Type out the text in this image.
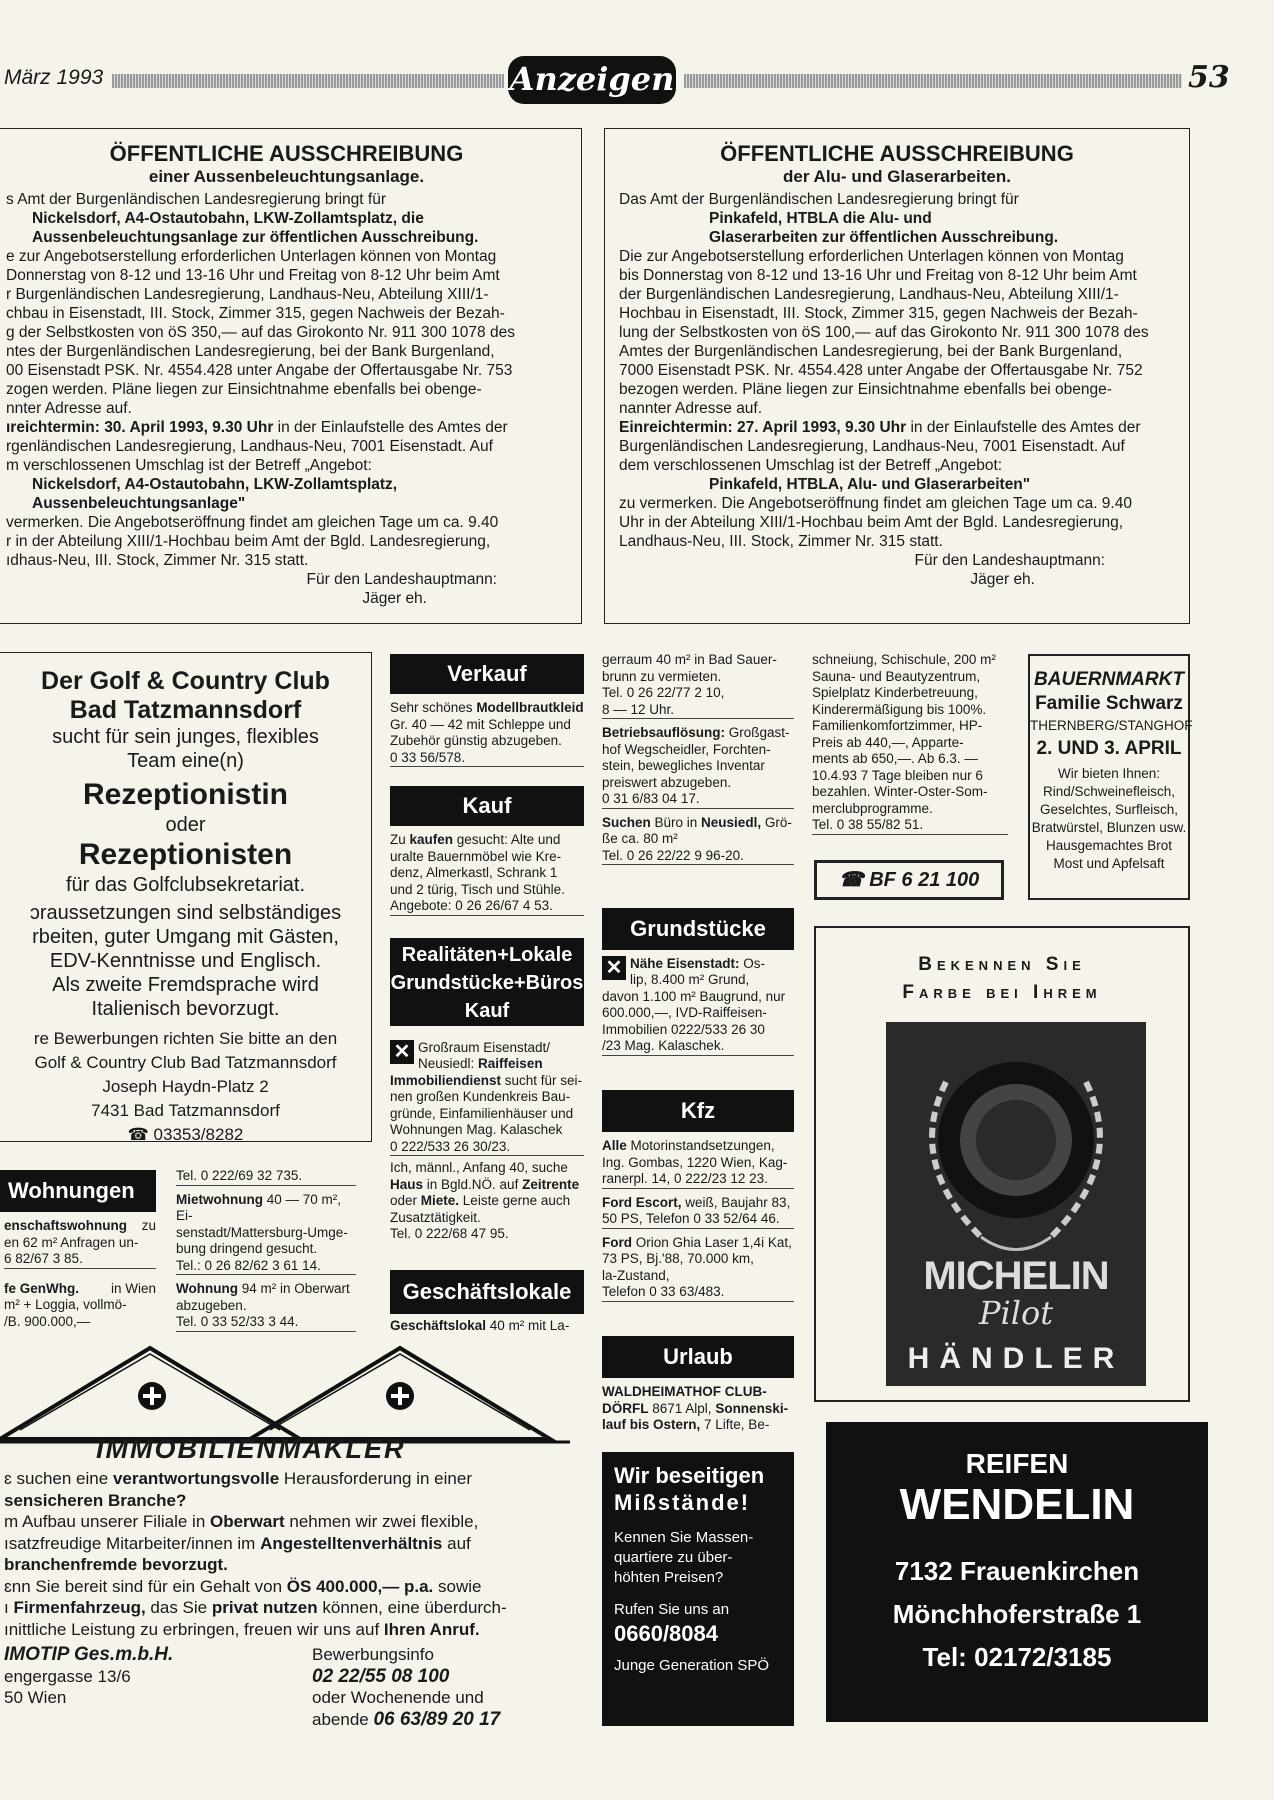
März 1993	Anzeigen	53
ÖFFENTLICHE AUSSCHREIBUNG
einer Aussenbeleuchtungsanlage.

s Amt der Burgenländischen Landesregierung bringt für

Nickelsdorf, A4-Ostautobahn, LKW-Zollamtsplatz, die

Aussenbeleuchtungsanlage zur öffentlichen Ausschreibung.

e zur Angebotserstellung erforderlichen Unterlagen können von Montag

Donnerstag von 8-12 und 13-16 Uhr und Freitag von 8-12 Uhr beim Amt

r Burgenländischen Landesregierung, Landhaus-Neu, Abteilung XIII/1-

chbau in Eisenstadt, III. Stock, Zimmer 315, gegen Nachweis der Bezah-

g der Selbstkosten von öS 350,— auf das Girokonto Nr. 911 300 1078 des

ntes der Burgenländischen Landesregierung, bei der Bank Burgenland,

00 Eisenstadt PSK. Nr. 4554.428 unter Angabe der Offertausgabe Nr. 753

zogen werden. Pläne liegen zur Einsichtnahme ebenfalls bei obenge-

nnter Adresse auf.

ıreichtermin: 30. April 1993, 9.30 Uhr in der Einlaufstelle des Amtes der

rgenländischen Landesregierung, Landhaus-Neu, 7001 Eisenstadt. Auf

m verschlossenen Umschlag ist der Betreff „Angebot:

Nickelsdorf, A4-Ostautobahn, LKW-Zollamtsplatz,

Aussenbeleuchtungsanlage"

vermerken. Die Angebotseröffnung findet am gleichen Tage um ca. 9.40

r in der Abteilung XIII/1-Hochbau beim Amt der Bgld. Landesregierung,

ıdhaus-Neu, III. Stock, Zimmer Nr. 315 statt.

Für den Landeshauptmann:

Jäger eh.

ÖFFENTLICHE AUSSCHREIBUNG
der Alu- und Glaserarbeiten.

Das Amt der Burgenländischen Landesregierung bringt für

Pinkafeld, HTBLA die Alu- und

Glaserarbeiten zur öffentlichen Ausschreibung.

Die zur Angebotserstellung erforderlichen Unterlagen können von Montag

bis Donnerstag von 8-12 und 13-16 Uhr und Freitag von 8-12 Uhr beim Amt

der Burgenländischen Landesregierung, Landhaus-Neu, Abteilung XIII/1-

Hochbau in Eisenstadt, III. Stock, Zimmer 315, gegen Nachweis der Bezah-

lung der Selbstkosten von öS 100,— auf das Girokonto Nr. 911 300 1078 des

Amtes der Burgenländischen Landesregierung, bei der Bank Burgenland,

7000 Eisenstadt PSK. Nr. 4554.428 unter Angabe der Offertausgabe Nr. 752

bezogen werden. Pläne liegen zur Einsichtnahme ebenfalls bei obenge-

nannter Adresse auf.

Einreichtermin: 27. April 1993, 9.30 Uhr in der Einlaufstelle des Amtes der

Burgenländischen Landesregierung, Landhaus-Neu, 7001 Eisenstadt. Auf

dem verschlossenen Umschlag ist der Betreff „Angebot:

Pinkafeld, HTBLA, Alu- und Glaserarbeiten"

zu vermerken. Die Angebotseröffnung findet am gleichen Tage um ca. 9.40

Uhr in der Abteilung XIII/1-Hochbau beim Amt der Bgld. Landesregierung,

Landhaus-Neu, III. Stock, Zimmer Nr. 315 statt.

Für den Landeshauptmann:

Jäger eh.

Der Golf & Country Club
Bad Tatzmannsdorf
sucht für sein junges, flexibles
Team eine(n)
Rezeptionistin
oder
Rezeptionisten
für das Golfclubsekretariat.
ɔraussetzungen sind selbständiges
rbeiten, guter Umgang mit Gästen,
EDV-Kenntnisse und Englisch.
Als zweite Fremdsprache wird
Italienisch bevorzugt.
re Bewerbungen richten Sie bitte an den
Golf & Country Club Bad Tatzmannsdorf
Joseph Haydn-Platz 2
7431 Bad Tatzmannsdorf
☎ 03353/8282
Wohnungen

enschaftswohnung zu

en 62 m² Anfragen un-

6 82/67 3 85.

fe GenWhg. in Wien

m² + Loggia, vollmö-

/B. 900.000,—

Tel. 0 222/69 32 735.

Mietwohnung 40 — 70 m², Ei-

senstadt/Mattersburg-Umge-

bung dringend gesucht.

Tel.: 0 26 82/62 3 61 14.

Wohnung 94 m² in Oberwart

abzugeben.

Tel. 0 33 52/33 3 44.

IMMOBILIENMAKLER
ɛ suchen eine verantwortungsvolle Herausforderung in einer
sensicheren Branche?
m Aufbau unserer Filiale in Oberwart nehmen wir zwei flexible,
ısatzfreudige Mitarbeiter/innen im Angestelltenverhältnis auf
branchenfremde bevorzugt.
ɛnn Sie bereit sind für ein Gehalt von ÖS 400.000,— p.a. sowie
ı Firmenfahrzeug, das Sie privat nutzen können, eine überdurch-
ınittliche Leistung zu erbringen, freuen wir uns auf Ihren Anruf.
IMOTIP Ges.m.b.H.
engergasse 13/6
50 Wien
Bewerbungsinfo
02 22/55 08 100
oder Wochenende und
abende 06 63/89 20 17
Verkauf

Sehr schönes Modellbrautkleid

Gr. 40 — 42 mit Schleppe und

Zubehör günstig abzugeben.

0 33 56/578.

Kauf

Zu kaufen gesucht: Alte und

uralte Bauernmöbel wie Kre-

denz, Almerkastl, Schrank 1

und 2 türig, Tisch und Stühle.

Angebote: 0 26 26/67 4 53.

Realitäten+Lokale
Grundstücke+Büros
Kauf

✕ Großraum Eisenstadt/

Neusiedl: Raiffeisen

Immobiliendienst sucht für sei-

nen großen Kundenkreis Bau-

gründe, Einfamilienhäuser und

Wohnungen Mag. Kalaschek

0 222/533 26 30/23.

Ich, männl., Anfang 40, suche

Haus in Bgld.NÖ. auf Zeitrente

oder Miete. Leiste gerne auch

Zusatztätigkeit.

Tel. 0 222/68 47 95.

Geschäftslokale

Geschäftslokal 40 m² mit La-

gerraum 40 m² in Bad Sauer-

brunn zu vermieten.

Tel. 0 26 22/77 2 10,

8 — 12 Uhr.

Betriebsauflösung: Großgast-

hof Wegscheidler, Forchten-

stein, bewegliches Inventar

preiswert abzugeben.

0 31 6/83 04 17.

Suchen Büro in Neusiedl, Grö-

ße ca. 80 m²

Tel. 0 26 22/22 9 96-20.

Grundstücke

✕ Nähe Eisenstadt: Os-

lip, 8.400 m² Grund,

davon 1.100 m² Baugrund, nur

600.000,—, IVD-Raiffeisen-

Immobilien 0222/533 26 30

/23 Mag. Kalaschek.

Kfz

Alle Motorinstandsetzungen,

Ing. Gombas, 1220 Wien, Kag-

ranerpl. 14, 0 222/23 12 23.

Ford Escort, weiß, Baujahr 83,

50 PS, Telefon 0 33 52/64 46.

Ford Orion Ghia Laser 1,4i Kat,

73 PS, Bj.'88, 70.000 km,

la-Zustand,

Telefon 0 33 63/483.

Urlaub

WALDHEIMATHOF CLUB-

DÖRFL 8671 Alpl, Sonnenski-

lauf bis Ostern, 7 Lifte, Be-

Wir beseitigen
Mißstände!
Kennen Sie Massen-
quartiere zu über-
höhten Preisen?
Rufen Sie uns an
0660/8084
Junge Generation SPÖ

schneiung, Schischule, 200 m²

Sauna- und Beautyzentrum,

Spielplatz Kinderbetreuung,

Kinderermäßigung bis 100%.

Familienkomfortzimmer, HP-

Preis ab 440,—, Apparte-

ments ab 650,—. Ab 6.3. —

10.4.93 7 Tage bleiben nur 6

bezahlen. Winter-Oster-Som-

merclubprogramme.

Tel. 0 38 55/82 51.

☎ BF 6 21 100
BAUERNMARKT
Familie Schwarz
THERNBERG/STANGHOF
2. UND 3. APRIL
Wir bieten Ihnen:
Rind/Schweinefleisch,
Geselchtes, Surfleisch,
Bratwürstel, Blunzen usw.
Hausgemachtes Brot
Most und Apfelsaft
Bekennen Sie
Farbe bei Ihrem
MICHELIN
Pilot
HÄNDLER
REIFEN
WENDELIN
7132 Frauenkirchen
Mönchhoferstraße 1
Tel: 02172/3185
